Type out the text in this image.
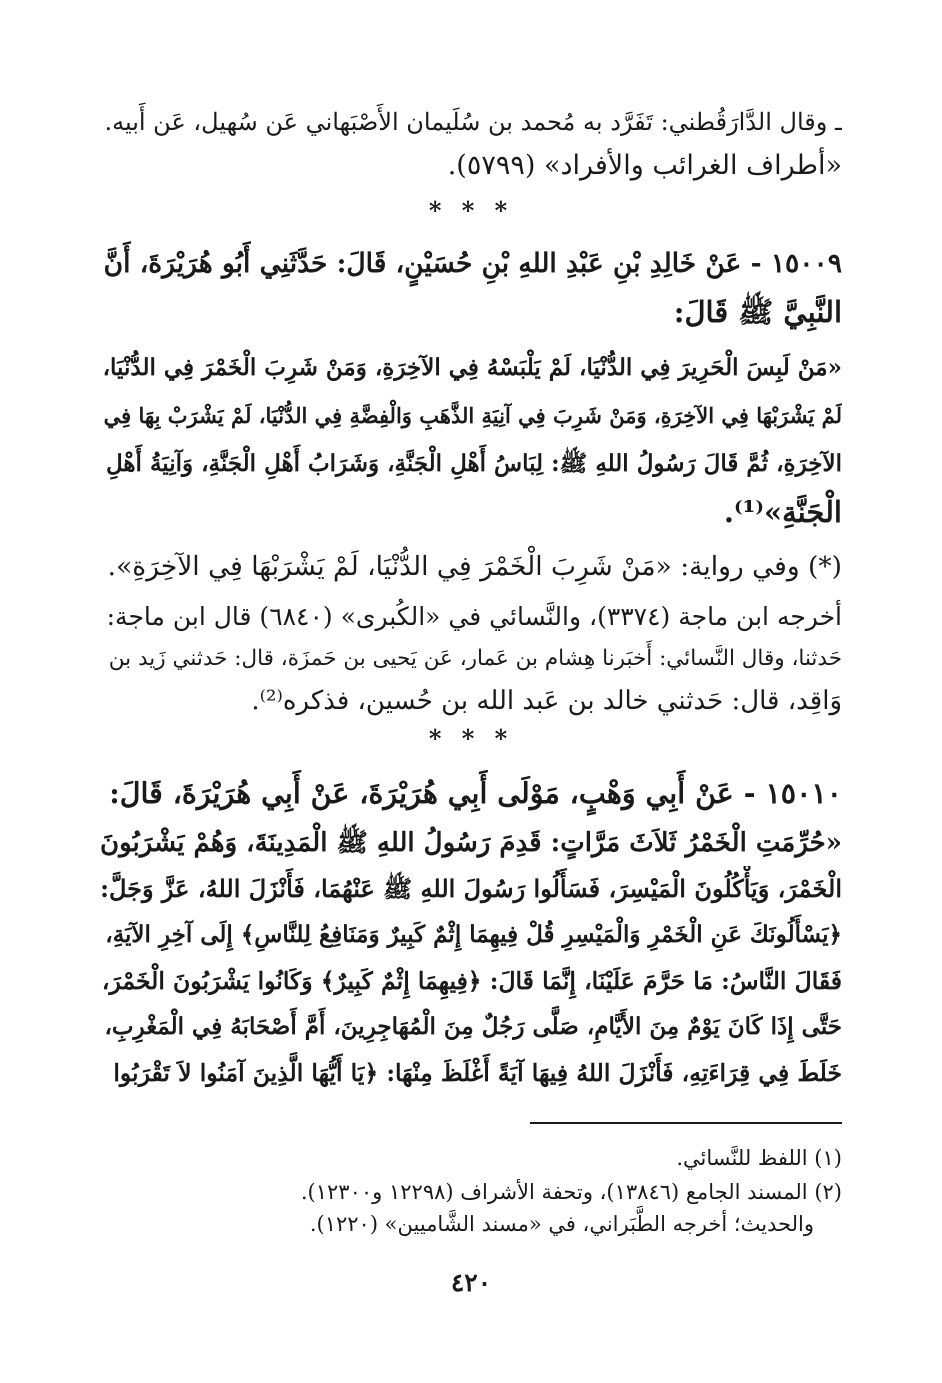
ـ وقال الدَّارَقُطني: تَفَرَّد به مُحمد بن سُلَيمان الأَصْبَهاني عَن سُهيل، عَن أَبيه.
«أطراف الغرائب والأفراد» (٥٧٩٩).
* * *
١٥٠٠٩ - عَنْ خَالِدِ بْنِ عَبْدِ اللهِ بْنِ حُسَيْنٍ، قَالَ: حَدَّثَنِي أَبُو هُرَيْرَةَ، أَنَّ
النَّبِيَّ ﷺ قَالَ:
«مَنْ لَبِسَ الْحَرِيرَ فِي الدُّنْيَا، لَمْ يَلْبَسْهُ فِي الآخِرَةِ، وَمَنْ شَرِبَ الْخَمْرَ فِي الدُّنْيَا،
لَمْ يَشْرَبْهَا فِي الآخِرَةِ، وَمَنْ شَرِبَ فِي آنِيَةِ الذَّهَبِ وَالْفِضَّةِ فِي الدُّنْيَا، لَمْ يَشْرَبْ بِهَا فِي
الآخِرَةِ، ثُمَّ قَالَ رَسُولُ اللهِ ﷺ: لِبَاسُ أَهْلِ الْجَنَّةِ، وَشَرَابُ أَهْلِ الْجَنَّةِ، وَآنِيَةُ أَهْلِ
الْجَنَّةِ»⁽¹⁾.
(*) وفي رواية: «مَنْ شَرِبَ الْخَمْرَ فِي الدُّنْيَا، لَمْ يَشْرَبْهَا فِي الآخِرَةِ».
أخرجه ابن ماجة (٣٣٧٤)، والنَّسائي في «الكُبرى» (٦٨٤٠) قال ابن ماجة:
حَدثنا، وقال النَّسائي: أَخبَرنا هِشام بن عَمار، عَن يَحيى بن حَمزَة، قال: حَدثني زَيد بن
وَاقِد، قال: حَدثني خالد بن عَبد الله بن حُسين، فذكره⁽²⁾.
* * *
١٥٠١٠ - عَنْ أَبِي وَهْبٍ، مَوْلَى أَبِي هُرَيْرَةَ، عَنْ أَبِي هُرَيْرَةَ، قَالَ:
«حُرِّمَتِ الْخَمْرُ ثَلاَثَ مَرَّاتٍ: قَدِمَ رَسُولُ اللهِ ﷺ الْمَدِينَةَ، وَهُمْ يَشْرَبُونَ
الْخَمْرَ، وَيَأْكُلُونَ الْمَيْسِرَ، فَسَأَلُوا رَسُولَ اللهِ ﷺ عَنْهُمَا، فَأَنْزَلَ اللهُ، عَزَّ وَجَلَّ:
﴿يَسْأَلُونَكَ عَنِ الْخَمْرِ وَالْمَيْسِرِ قُلْ فِيهِمَا إِثْمٌ كَبِيرٌ وَمَنَافِعُ لِلنَّاسِ﴾ إِلَى آخِرِ الآيَةِ،
فَقَالَ النَّاسُ: مَا حَرَّمَ عَلَيْنَا، إِنَّمَا قَالَ: ﴿فِيهِمَا إِثْمٌ كَبِيرٌ﴾ وَكَانُوا يَشْرَبُونَ الْخَمْرَ،
حَتَّى إِذَا كَانَ يَوْمٌ مِنَ الأَيَّامِ، صَلَّى رَجُلٌ مِنَ الْمُهَاجِرِينَ، أَمَّ أَصْحَابَهُ فِي الْمَغْرِبِ،
خَلَطَ فِي قِرَاءَتِهِ، فَأَنْزَلَ اللهُ فِيهَا آيَةً أَغْلَظَ مِنْهَا: ﴿يَا أَيُّهَا الَّذِينَ آمَنُوا لاَ تَقْرَبُوا
(١) اللفظ للنَّسائي.
(٢) المسند الجامع (١٣٨٤٦)، وتحفة الأشراف (١٢٢٩٨ و١٢٣٠٠).
والحديث؛ أخرجه الطَّبَراني، في «مسند الشَّاميين» (١٢٢٠).
٤٢٠
